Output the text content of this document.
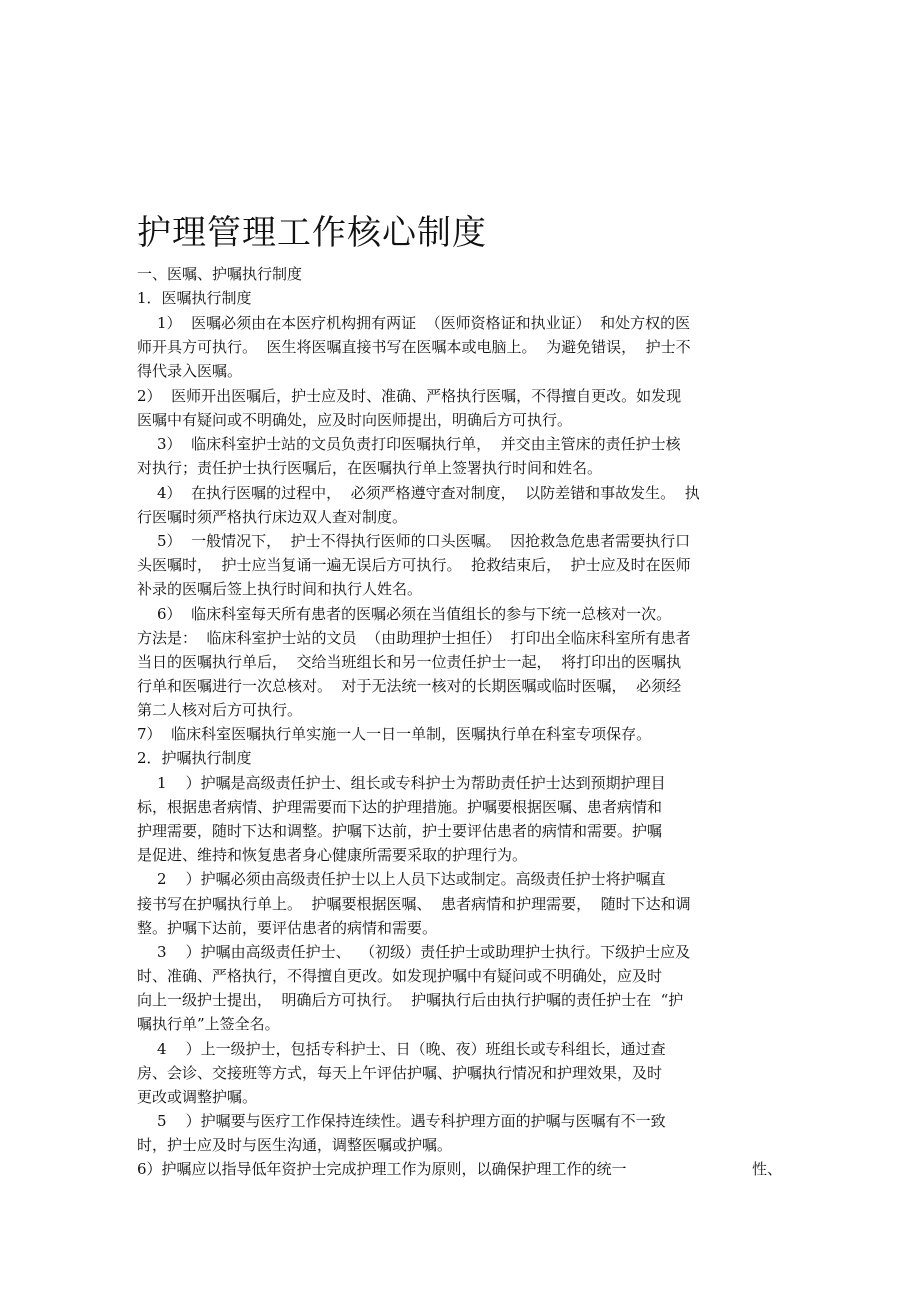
护理管理工作核心制度

一、医嘱、护嘱执行制度

1．医嘱执行制度

1）  医嘱必须由在本医疗机构拥有两证  （医师资格证和执业证）  和处方权的医

师开具方可执行。  医生将医嘱直接书写在医嘱本或电脑上。  为避免错误，  护士不

得代录入医嘱。

2）  医师开出医嘱后，护士应及时、准确、严格执行医嘱，不得擅自更改。如发现

医嘱中有疑问或不明确处，应及时向医师提出，明确后方可执行。

3）  临床科室护士站的文员负责打印医嘱执行单，  并交由主管床的责任护士核

对执行；责任护士执行医嘱后，在医嘱执行单上签署执行时间和姓名。

4）  在执行医嘱的过程中，  必须严格遵守查对制度，  以防差错和事故发生。  执

行医嘱时须严格执行床边双人查对制度。

5）  一般情况下，  护士不得执行医师的口头医嘱。  因抢救急危患者需要执行口

头医嘱时，  护士应当复诵一遍无误后方可执行。  抢救结束后，  护士应及时在医师

补录的医嘱后签上执行时间和执行人姓名。

6）  临床科室每天所有患者的医嘱必须在当值组长的参与下统一总核对一次。

方法是：  临床科室护士站的文员  （由助理护士担任）  打印出全临床科室所有患者

当日的医嘱执行单后，  交给当班组长和另一位责任护士一起，  将打印出的医嘱执

行单和医嘱进行一次总核对。  对于无法统一核对的长期医嘱或临时医嘱，  必须经

第二人核对后方可执行。

7）  临床科室医嘱执行单实施一人一日一单制，医嘱执行单在科室专项保存。

2．护嘱执行制度

1    ）护嘱是高级责任护士、组长或专科护士为帮助责任护士达到预期护理目

标，根据患者病情、护理需要而下达的护理措施。护嘱要根据医嘱、患者病情和

护理需要，随时下达和调整。护嘱下达前，护士要评估患者的病情和需要。护嘱

是促进、维持和恢复患者身心健康所需要采取的护理行为。

2    ）护嘱必须由高级责任护士以上人员下达或制定。高级责任护士将护嘱直

接书写在护嘱执行单上。  护嘱要根据医嘱、  患者病情和护理需要，  随时下达和调

整。护嘱下达前，要评估患者的病情和需要。

3    ）护嘱由高级责任护士、  （初级）责任护士或助理护士执行。下级护士应及

时、准确、严格执行，不得擅自更改。如发现护嘱中有疑问或不明确处，应及时

向上一级护士提出，  明确后方可执行。  护嘱执行后由执行护嘱的责任护士在  “护

嘱执行单”上签全名。

4    ）上一级护士，包括专科护士、日（晚、夜）班组长或专科组长，通过查

房、会诊、交接班等方式，每天上午评估护嘱、护嘱执行情况和护理效果，及时

更改或调整护嘱。

5    ）护嘱要与医疗工作保持连续性。遇专科护理方面的护嘱与医嘱有不一致

时，护士应及时与医生沟通，调整医嘱或护嘱。

6）护嘱应以指导低年资护士完成护理工作为原则，以确保护理工作的统一	性、
